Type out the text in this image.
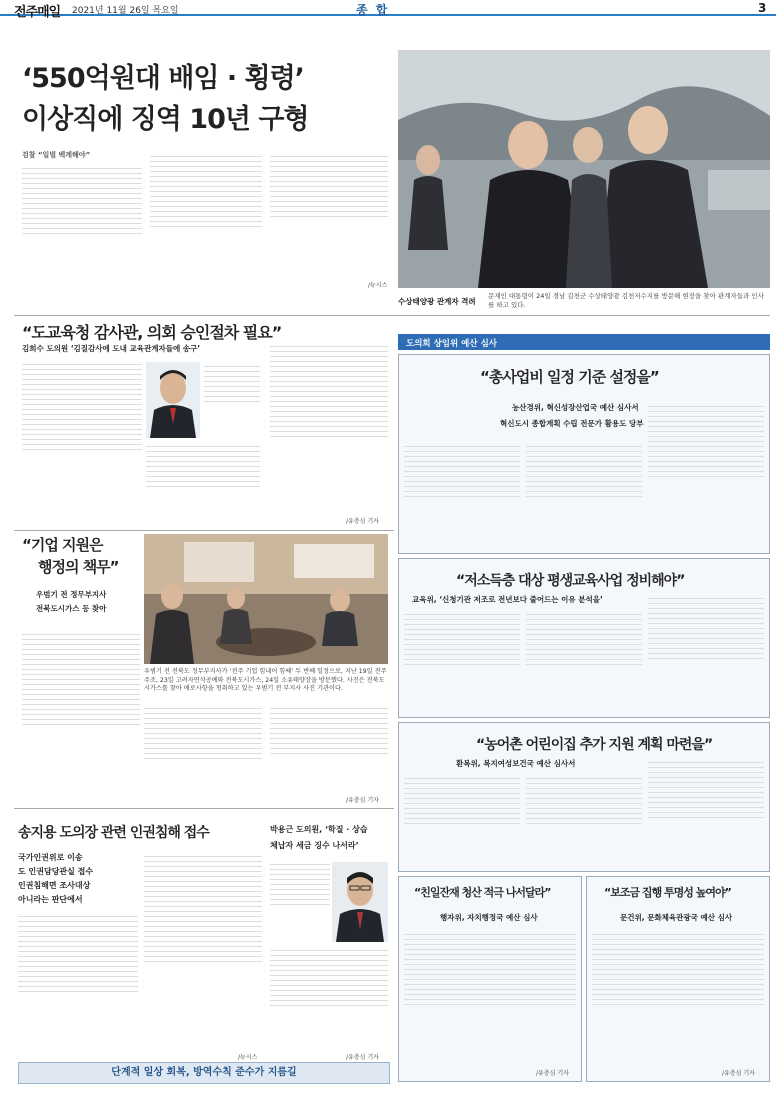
전주매일 2021년 11월 26일 목요일	종 합	3
‘550억원대 배임 · 횡령’
이상직에 징역 10년 구형
검찰 “일벌 백계해야”
/뉴시스
수상태양광 관계자 격려
문재인 대통령이 24일 경남 김천군 수상태양광 김천저수지를 방문해 현장을 찾아 관계자들과 인사를 하고 있다.
“도교육청 감사관, 의회 승인절차 필요”
김희수 도의원 ‘김질감사에 도내 교육관계자들에 송구’
/유충심 기자
도의회 상임위 예산 심사
“총사업비 일정 기준 설정을”
농산경위, 혁신성장산업국 예산 심사서
혁신도시 종합계획 수립 전문가 활용도 당부
“저소득층 대상 평생교육사업 정비해야”
교육위, ‘신청기관 저조로 전년보다 줄어드는 이유 분석을’
“농어촌 어린이집 추가 지원 계획 마련을”
환복위, 복지여성보건국 예산 심사서
“친일잔재 청산 적극 나서달라”
행자위, 자치행정국 예산 심사
/유충심 기자
“보조금 집행 투명성 높여야”
문건위, 문화체육관광국 예산 심사
/유충심 기자
“기업 지원은
행정의 책무”
우범기 전 정무부지사
전북도시가스 등 찾아
우범기 전 전북도 정무부지사가 ‘전주 기업 힘내어 힘쎄’ 두 번째 일정으로, 지난 19일 전주주조, 23일 고려자연석공예와 전북도시가스, 24일 소유태양장을 방문했다. 사진은 전북도시가스를 찾아 애로사항을 청취하고 있는 우범기 전 부지사 사진 기관이다.
/유충심 기자
송지용 도의장 관련 인권침해 접수
국가인권위로 이송
도 인권담당관실 접수
인권침해면 조사대상
아니라는 판단에서
/뉴시스
박용근 도의원, ‘학질 · 상습
체납자 세금 징수 나서라’
/유충심 기자
단계적 일상 회복, 방역수칙 준수가 지름길
